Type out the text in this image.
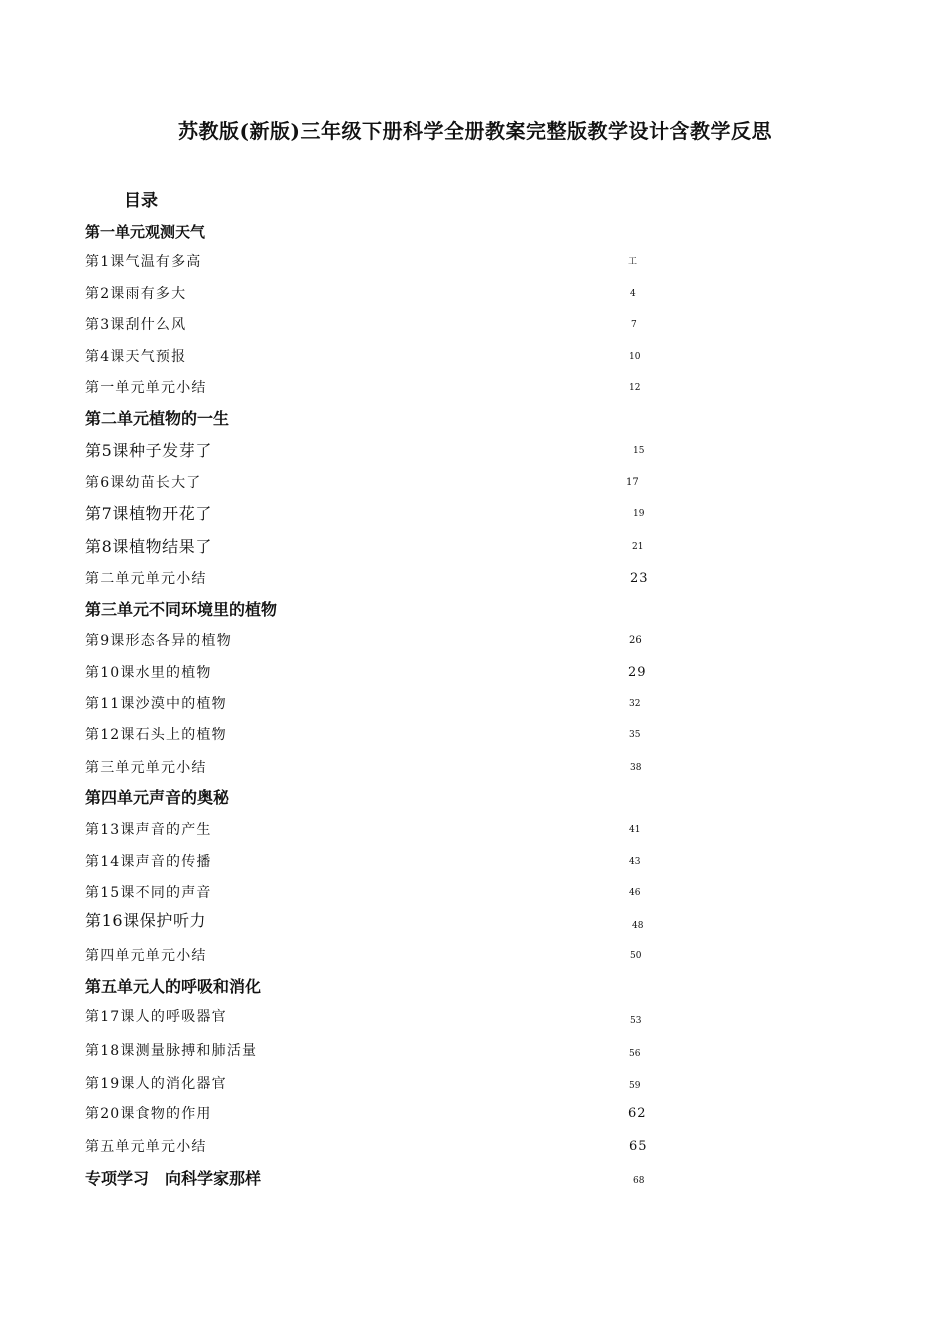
苏教版(新版)三年级下册科学全册教案完整版教学设计含教学反思
目录
第一单元观测天气
第1课气温有多高	工
第2课雨有多大	4
第3课刮什么风	7
第4课天气预报	10
第一单元单元小结	12
第二单元植物的一生
第5课种子发芽了	15
第6课幼苗长大了	17
第7课植物开花了	19
第8课植物结果了	21
第二单元单元小结	23
第三单元不同环境里的植物
第9课形态各异的植物	26
第10课水里的植物	29
第11课沙漠中的植物	32
第12课石头上的植物	35
第三单元单元小结	38
第四单元声音的奥秘
第13课声音的产生	41
第14课声音的传播	43
第15课不同的声音	46
第16课保护听力	48
第四单元单元小结	50
第五单元人的呼吸和消化
第17课人的呼吸器官	53
第18课测量脉搏和肺活量	56
第19课人的消化器官	59
第20课食物的作用	62
第五单元单元小结	65
专项学习　向科学家那样	68
